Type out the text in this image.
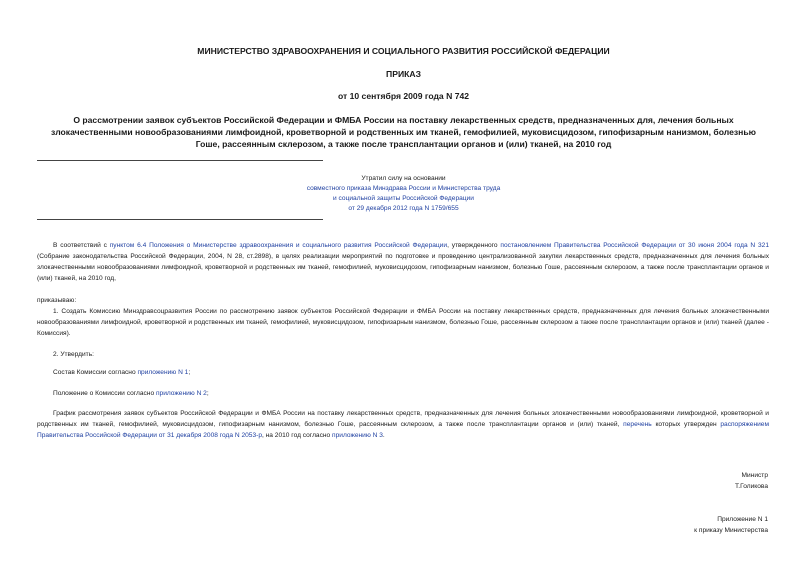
МИНИСТЕРСТВО ЗДРАВООХРАНЕНИЯ И СОЦИАЛЬНОГО РАЗВИТИЯ РОССИЙСКОЙ ФЕДЕРАЦИИ
ПРИКАЗ
от 10 сентября 2009 года N 742
О рассмотрении заявок субъектов Российской Федерации и ФМБА России на поставку лекарственных средств, предназначенных для, лечения больных
злокачественными новообразованиями лимфоидной, кроветворной и родственных им тканей, гемофилией, муковисцидозом, гипофизарным нанизмом, болезнью
Гоше, рассеянным склерозом, а также после трансплантации органов и (или) тканей, на 2010 год
Утратил силу на основании
совместного приказа Минздрава России и Министерства труда
и социальной защиты Российской Федерации
от 29 декабря 2012 года N 1759/655
В соответствий с пунктом 6.4 Положения о Министерстве здравоохранения и социального развития Российской Федерации, утвержденного постановлением Правительства Российской Федерации от 30 июня 2004 года N 321 (Собрание законодательства Российской Федерации, 2004, N 28, ст.2898), в целях реализации мероприятий по подготовке и проведению централизованной закупки лекарственных средств, предназначенных для лечения больных злокачественными новообразованиями лимфоидной, кроветворной и родственных им тканей, гемофилией, муковисцидозом, гипофизарным нанизмом, болезнью Гоше, рассеянным склерозом, а также после трансплантации органов и (или) тканей, на 2010 год,
приказываю:
1. Создать Комиссию Минздравсоцразвития России по рассмотрению заявок субъектов Российской Федерации и ФМБА России на поставку лекарственных средств, предназначенных для лечения больных злокачественными новообразованиями лимфоидной, кроветворной и родственных им тканей, гемофилией, муковисцидозом, гипофизарным нанизмом, болезнью Гоше, рассеянным склерозом а также после трансплантации органов и (или) тканей (далее - Комиссия).
2. Утвердить:
Состав Комиссии согласно приложению N 1;
Положение о Комиссии согласно приложению N 2;
График рассмотрения заявок субъектов Российской Федерации и ФМБА России на поставку лекарственных средств, предназначенных для лечения больных злокачественными новообразованиями лимфоидной, кроветворной и родственных им тканей, гемофилией, муковисцидозом, гипофизарным нанизмом, болезнью Гоше, рассеянным склерозом, а также после трансплантации органов и (или) тканей, перечень которых утвержден распоряжением Правительства Российской Федерации от 31 декабря 2008 года N 2053-р, на 2010 год согласно приложению N 3.
Министр
Т.Голикова
Приложение N 1
к приказу Министерства
